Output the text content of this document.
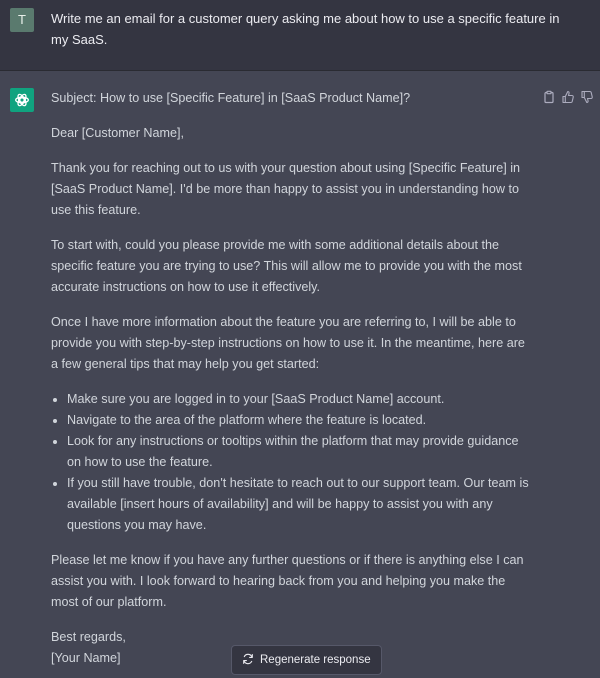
T	Write me an email for a customer query asking me about how to use a specific feature in my SaaS.

Subject: How to use [Specific Feature] in [SaaS Product Name]?

Dear [Customer Name],

Thank you for reaching out to us with your question about using [Specific Feature] in [SaaS Product Name]. I'd be more than happy to assist you in understanding how to use this feature.

To start with, could you please provide me with some additional details about the specific feature you are trying to use? This will allow me to provide you with the most accurate instructions on how to use it effectively.

Once I have more information about the feature you are referring to, I will be able to provide you with step-by-step instructions on how to use it. In the meantime, here are a few general tips that may help you get started:

• Make sure you are logged in to your [SaaS Product Name] account.
• Navigate to the area of the platform where the feature is located.
• Look for any instructions or tooltips within the platform that may provide guidance on how to use the feature.
• If you still have trouble, don't hesitate to reach out to our support team. Our team is available [insert hours of availability] and will be happy to assist you with any questions you may have.

Please let me know if you have any further questions or if there is anything else I can assist you with. I look forward to hearing back from you and helping you make the most of our platform.

Best regards,

[Your Name]	Regenerate response
